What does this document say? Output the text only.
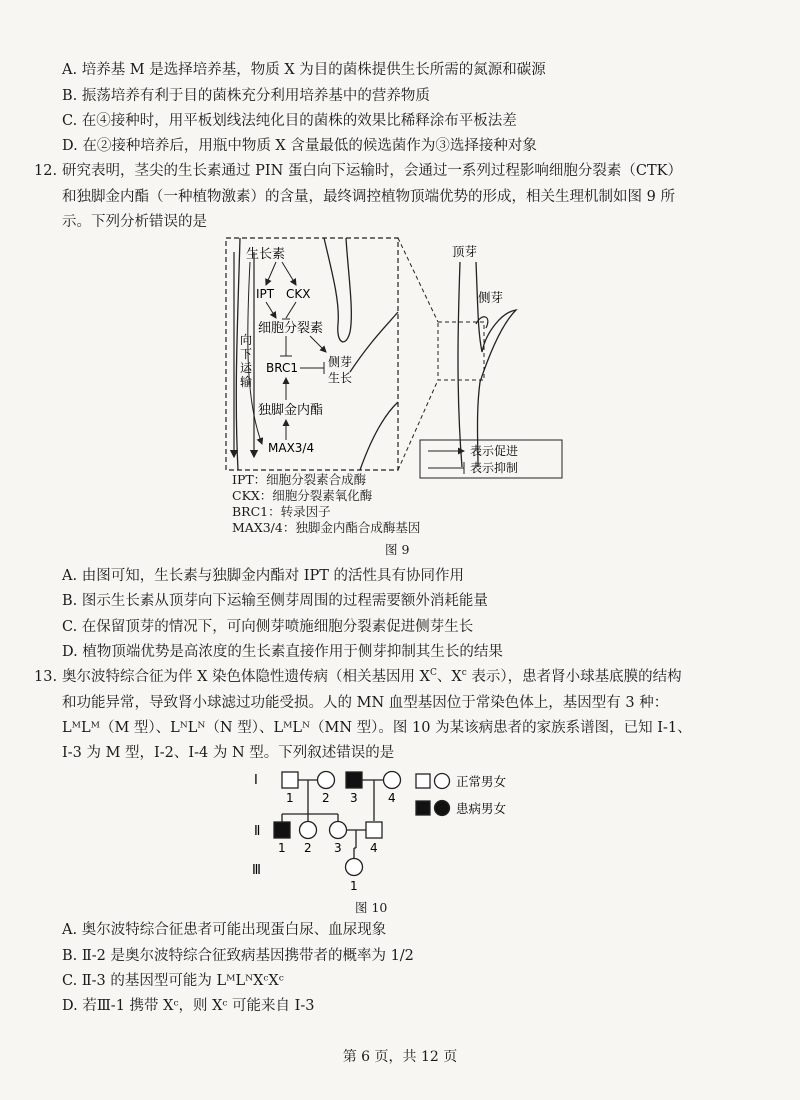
A. 培养基 M 是选择培养基，物质 X 为目的菌株提供生长所需的氮源和碳源
B. 振荡培养有利于目的菌株充分利用培养基中的营养物质
C. 在④接种时，用平板划线法纯化目的菌株的效果比稀释涂布平板法差
D. 在②接种培养后，用瓶中物质 X 含量最低的候选菌作为③选择接种对象
12. 研究表明，茎尖的生长素通过 PIN 蛋白向下运输时，会通过一系列过程影响细胞分裂素（CTK）
和独脚金内酯（一种植物激素）的含量，最终调控植物顶端优势的形成，相关生理机制如图 9 所
示。下列分析错误的是
向
下
运
输
生长素
IPT CKX
细胞分裂素
BRC1	侧芽
生长
独脚金内酯
MAX3/4
顶芽
侧芽
表示促进
表示抑制
IPT：细胞分裂素合成酶
CKX：细胞分裂素氧化酶
BRC1：转录因子
MAX3/4：独脚金内酯合成酶基因
图 9
A. 由图可知，生长素与独脚金内酯对 IPT 的活性具有协同作用
B. 图示生长素从顶芽向下运输至侧芽周围的过程需要额外消耗能量
C. 在保留顶芽的情况下，可向侧芽喷施细胞分裂素促进侧芽生长
D. 植物顶端优势是高浓度的生长素直接作用于侧芽抑制其生长的结果
13. 奥尔波特综合征为伴 X 染色体隐性遗传病（相关基因用 $X^C$、$X^c$ 表示），患者肾小球基底膜的结构
和功能异常，导致肾小球滤过功能受损。人的 MN 血型基因位于常染色体上，基因型有 3 种：
LᴹLᴹ（M 型）、LᴺLᴺ（N 型）、LᴹLᴺ（MN 型）。图 10 为某该病患者的家族系谱图，已知 Ⅰ-1、
Ⅰ-3 为 M 型，Ⅰ-2、Ⅰ-4 为 N 型。下列叙述错误的是
Ⅰ
Ⅱ
Ⅲ
1 2 3	4
1 2 3 4
1
正常男女
患病男女
图 10
A. 奥尔波特综合征患者可能出现蛋白尿、血尿现象
B. Ⅱ-2 是奥尔波特综合征致病基因携带者的概率为 1/2
C. Ⅱ-3 的基因型可能为 LᴹLᴺXᶜXᶜ
D. 若Ⅲ-1 携带 Xᶜ，则 Xᶜ 可能来自 Ⅰ-3
第 6 页，共 12 页
